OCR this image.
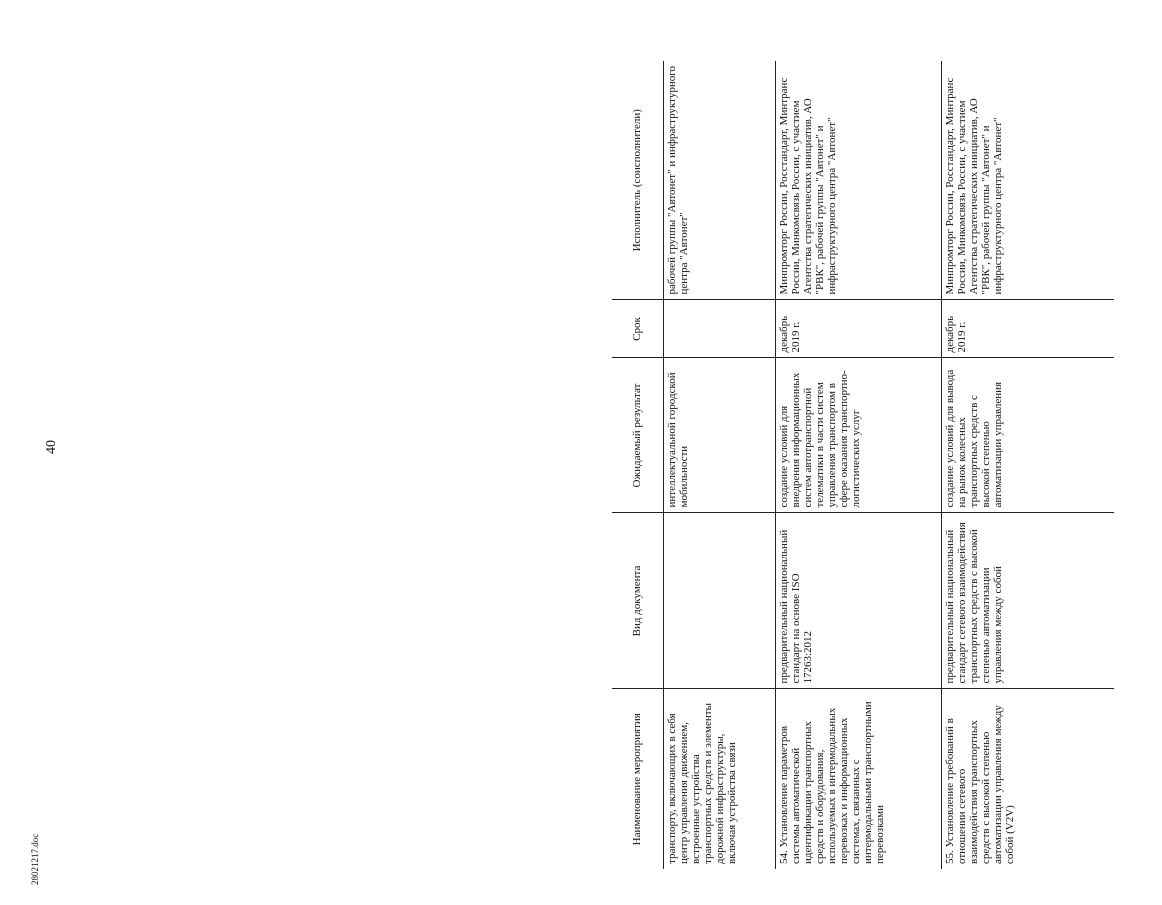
40
28021217.doc
Наименование мероприятия	Вид документа	Ожидаемый результат	Срок	Исполнитель (соисполнители)
транспорту, включающих в себя центр управления движением, встроенные устройства транспортных средств и элементы дорожной инфраструктуры, включая устройства связи		интеллектуальной городской мобильности		рабочей группы "Автонет" и инфраструктурного центра "Автонет"
54. Установление параметров системы автоматической идентификации транспортных средств и оборудования, используемых в интермодальных перевозках и информационных системах, связанных с интермодальными транспортными перевозками	предварительный национальный стандарт на основе ISO 17263:2012	создание условий для внедрения информационных систем автотранспортной телематики в части систем управления транспортом в сфере оказания транспортно-логистических услуг	декабрь 2019 г.	Минпромторг России, Росстандарт, Минтранс России, Минкомсвязь России, с участием Агентства стратегических инициатив, АО "РВК", рабочей группы "Автонет" и инфраструктурного центра "Автонет"
55. Установление требований в отношении сетевого взаимодействия транспортных средств с высокой степенью автоматизации управления между собой (V2V)	предварительный национальный стандарт сетевого взаимодействия транспортных средств с высокой степенью автоматизации управления между собой	создание условий для вывода на рынок колесных транспортных средств с высокой степенью автоматизации управления	декабрь 2019 г.	Минпромторг России, Росстандарт, Минтранс России, Минкомсвязь России, с участием Агентства стратегических инициатив, АО "РВК", рабочей группы "Автонет" и инфраструктурного центра "Автонет"
